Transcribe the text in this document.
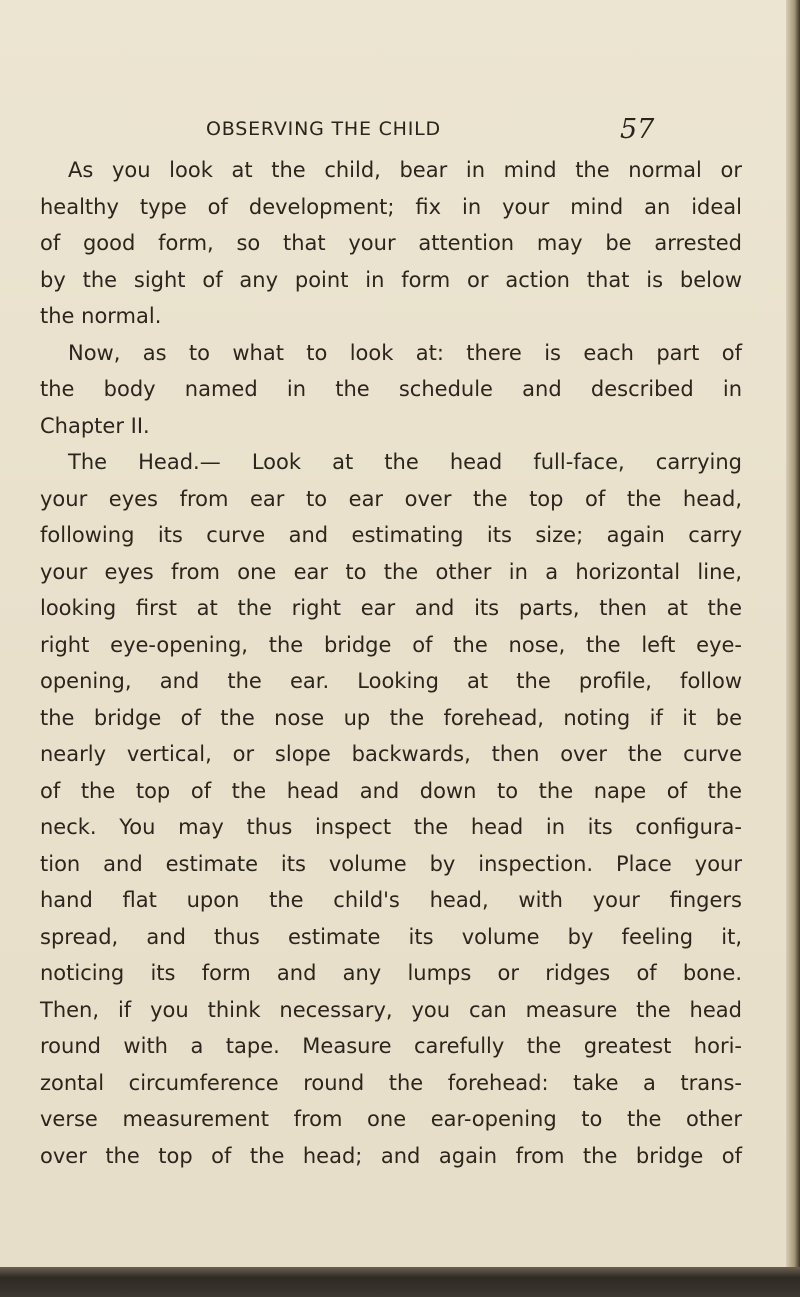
OBSERVING THE CHILD	57
As you look at the child, bear in mind the normal or
healthy type of development; fix in your mind an ideal
of good form, so that your attention may be arrested
by the sight of any point in form or action that is below
the normal.
Now, as to what to look at: there is each part of
the body named in the schedule and described in
Chapter II.
The Head.— Look at the head full-face, carrying
your eyes from ear to ear over the top of the head,
following its curve and estimating its size; again carry
your eyes from one ear to the other in a horizontal line,
looking first at the right ear and its parts, then at the
right eye-opening, the bridge of the nose, the left eye-
opening, and the ear. Looking at the profile, follow
the bridge of the nose up the forehead, noting if it be
nearly vertical, or slope backwards, then over the curve
of the top of the head and down to the nape of the
neck. You may thus inspect the head in its configura-
tion and estimate its volume by inspection. Place your
hand flat upon the child's head, with your fingers
spread, and thus estimate its volume by feeling it,
noticing its form and any lumps or ridges of bone.
Then, if you think necessary, you can measure the head
round with a tape. Measure carefully the greatest hori-
zontal circumference round the forehead: take a trans-
verse measurement from one ear-opening to the other
over the top of the head; and again from the bridge of
